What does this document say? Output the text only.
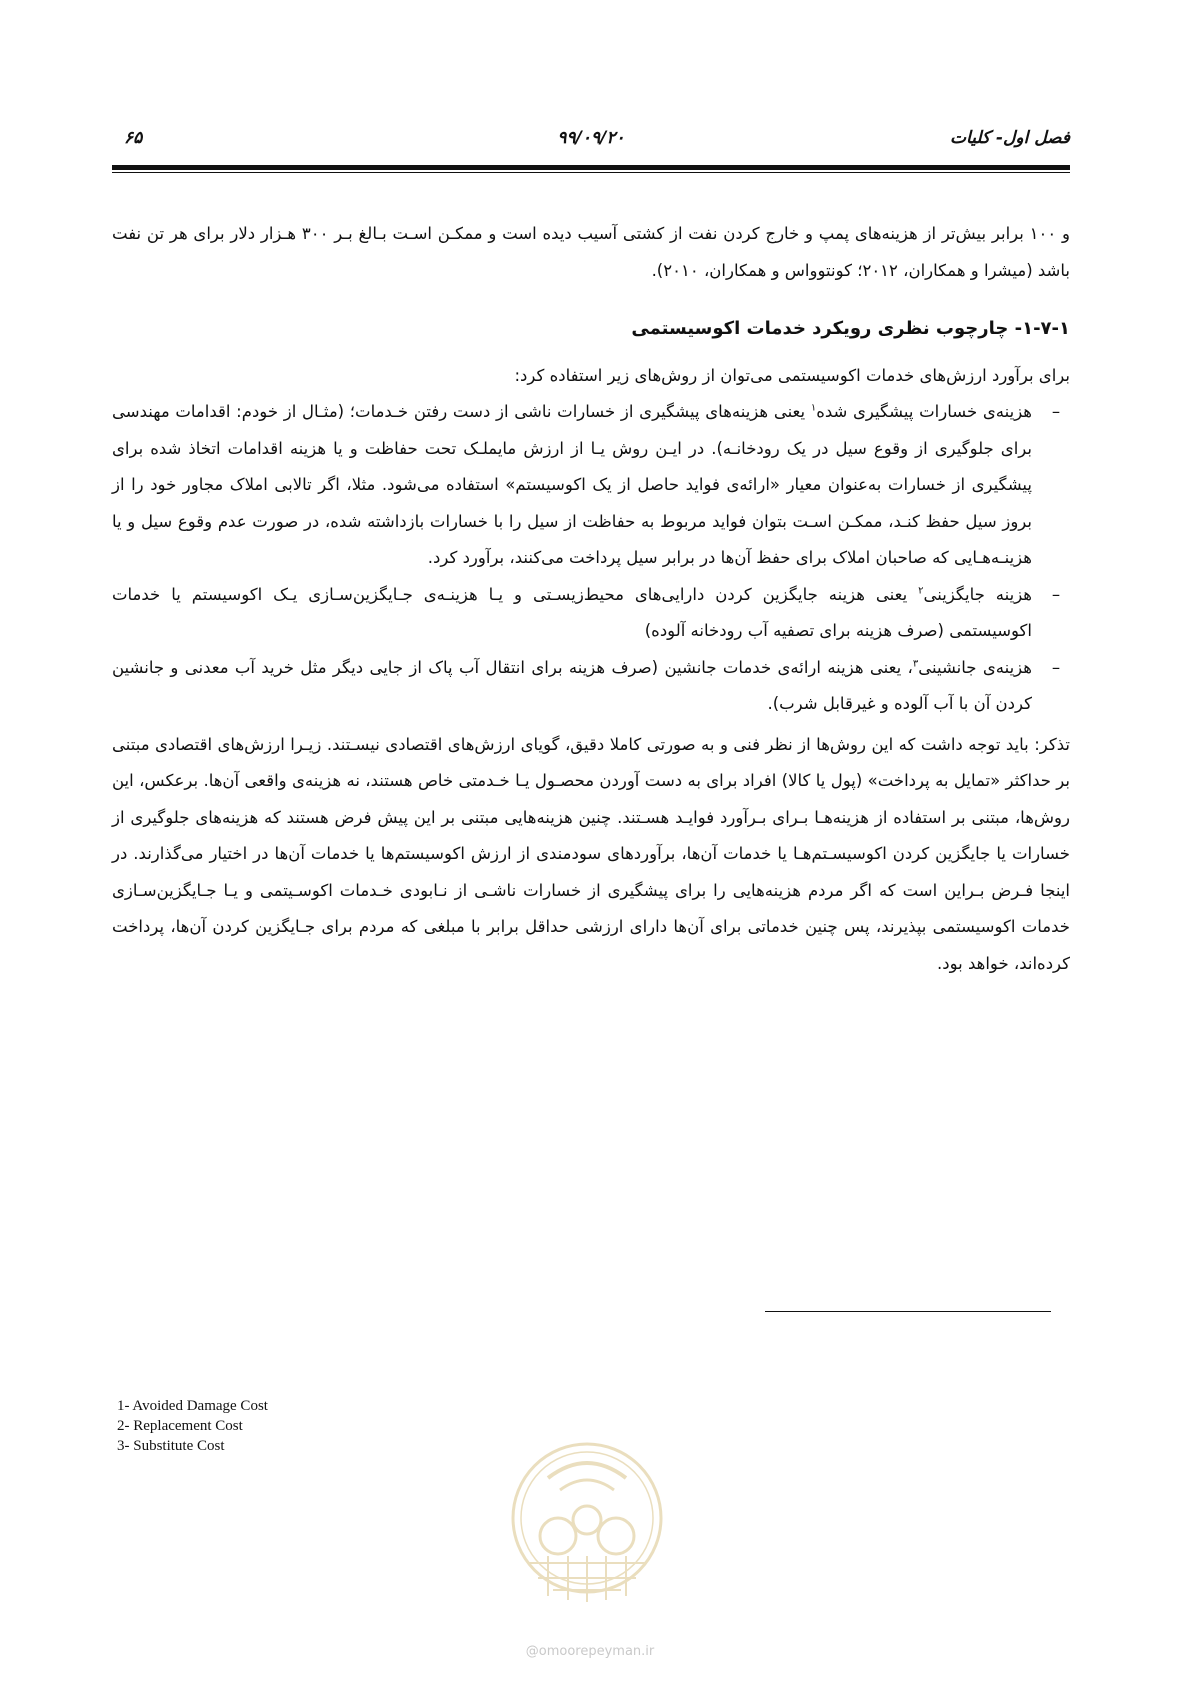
فصل اول- کلیات
۹۹/۰۹/۲۰
۶۵

و ۱۰۰ برابر بیش‌تر از هزینه‌های پمپ و خارج کردن نفت از کشتی آسیب دیده است و ممکـن اسـت بـالغ بـر ۳۰۰ هـزار دلار برای هر تن نفت باشد (میشرا و همکاران، ۲۰۱۲؛ کونتوواس و همکاران، ۲۰۱۰).

۱-۷-۱- چارچوب نظری رویکرد خدمات اکوسیستمی

برای برآورد ارزش‌های خدمات اکوسیستمی می‌توان از روش‌های زیر استفاده کرد:

–
هزینه‌ی خسارات پیشگیری شده$^۱$ یعنی هزینه‌های پیشگیری از خسارات ناشی از دست رفتن خـدمات؛ (مثـال از خودم: اقدامات مهندسی برای جلوگیری از وقوع سیل در یک رودخانـه). در ایـن روش یـا از ارزش مایملـک تحت حفاظت و یا هزینه اقدامات اتخاذ شده برای پیشگیری از خسارات به‌عنوان معیار «ارائه‌ی فواید حاصل از یک اکوسیستم» استفاده می‌شود. مثلا، اگر تالابی املاک مجاور خود را از بروز سیل حفظ کنـد، ممکـن اسـت بتوان فواید مربوط به حفاظت از سیل را با خسارات بازداشته شده، در صورت عدم وقوع سیل و یا هزینـه‌هـایی که صاحبان املاک برای حفظ آن‌ها در برابر سیل پرداخت می‌کنند، برآورد کرد.
–
هزینه جایگزینی$^۲$ یعنی هزینه جایگزین کردن دارایی‌های محیط‌زیسـتی و یـا هزینـه‌ی جـایگزین‌سـازی یـک اکوسیستم یا خدمات اکوسیستمی (صرف هزینه برای تصفیه آب رودخانه آلوده)
–
هزینه‌ی جانشینی$^۳$، یعنی هزینه ارائه‌ی خدمات جانشین (صرف هزینه برای انتقال آب پاک از جایی دیگر مثل خرید آب معدنی و جانشین کردن آن با آب آلوده و غیرقابل شرب).

تذکر: باید توجه داشت که این روش‌ها از نظر فنی و به صورتی کاملا دقیق، گویای ارزش‌های اقتصادی نیسـتند. زیـرا ارزش‌های اقتصادی مبتنی بر حداکثر «تمایل به پرداخت» (پول یا کالا) افراد برای به دست آوردن محصـول یـا خـدمتی خاص هستند، نه هزینه‌ی واقعی آن‌ها. برعکس، این روش‌ها، مبتنی بر استفاده از هزینه‌هـا بـرای بـرآورد فوایـد هسـتند. چنین هزینه‌هایی مبتنی بر این پیش فرض هستند که هزینه‌های جلوگیری از خسارات یا جایگزین کردن اکوسیسـتم‌هـا یا خدمات آن‌ها، برآوردهای سودمندی از ارزش اکوسیستم‌ها یا خدمات آن‌ها در اختیار می‌گذارند. در اینجا فـرض بـراین است که اگر مردم هزینه‌هایی را برای پیشگیری از خسارات ناشـی از نـابودی خـدمات اکوسـیتمی و یـا جـایگزین‌سـازی خدمات اکوسیستمی بپذیرند، پس چنین خدماتی برای آن‌ها دارای ارزشی حداقل برابر با مبلغی که مردم برای جـایگزین کردن آن‌ها، پرداخت کرده‌اند، خواهد بود.

1- Avoided Damage Cost
2- Replacement Cost
3- Substitute Cost
@omoorepeyman.ir
